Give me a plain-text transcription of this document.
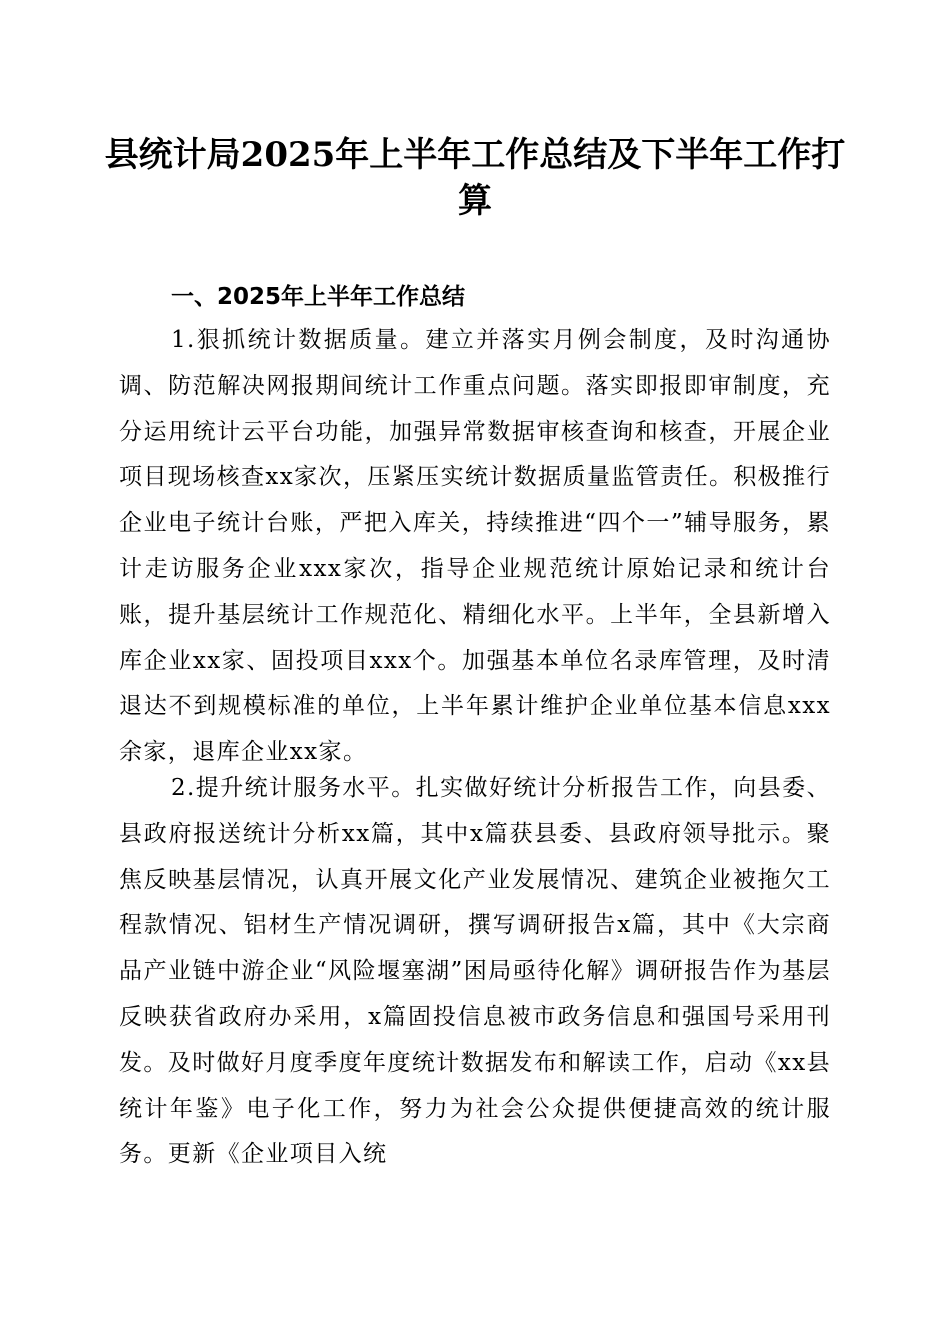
县统计局2025年上半年工作总结及下半年工作打算
一、2025年上半年工作总结

1.狠抓统计数据质量。建立并落实月例会制度，及时沟通协调、防范解决网报期间统计工作重点问题。落实即报即审制度，充分运用统计云平台功能，加强异常数据审核查询和核查，开展企业项目现场核查xx家次，压紧压实统计数据质量监管责任。积极推行企业电子统计台账，严把入库关，持续推进“四个一”辅导服务，累计走访服务企业xxx家次，指导企业规范统计原始记录和统计台账，提升基层统计工作规范化、精细化水平。上半年，全县新增入库企业xx家、固投项目xxx个。加强基本单位名录库管理，及时清退达不到规模标准的单位，上半年累计维护企业单位基本信息xxx余家，退库企业xx家。

2.提升统计服务水平。扎实做好统计分析报告工作，向县委、县政府报送统计分析xx篇，其中x篇获县委、县政府领导批示。聚焦反映基层情况，认真开展文化产业发展情况、建筑企业被拖欠工程款情况、铝材生产情况调研，撰写调研报告x篇，其中《大宗商品产业链中游企业“风险堰塞湖”困局亟待化解》调研报告作为基层反映获省政府办采用，x篇固投信息被市政务信息和强国号采用刊发。及时做好月度季度年度统计数据发布和解读工作，启动《xx县统计年鉴》电子化工作，努力为社会公众提供便捷高效的统计服务。更新《企业项目入统
